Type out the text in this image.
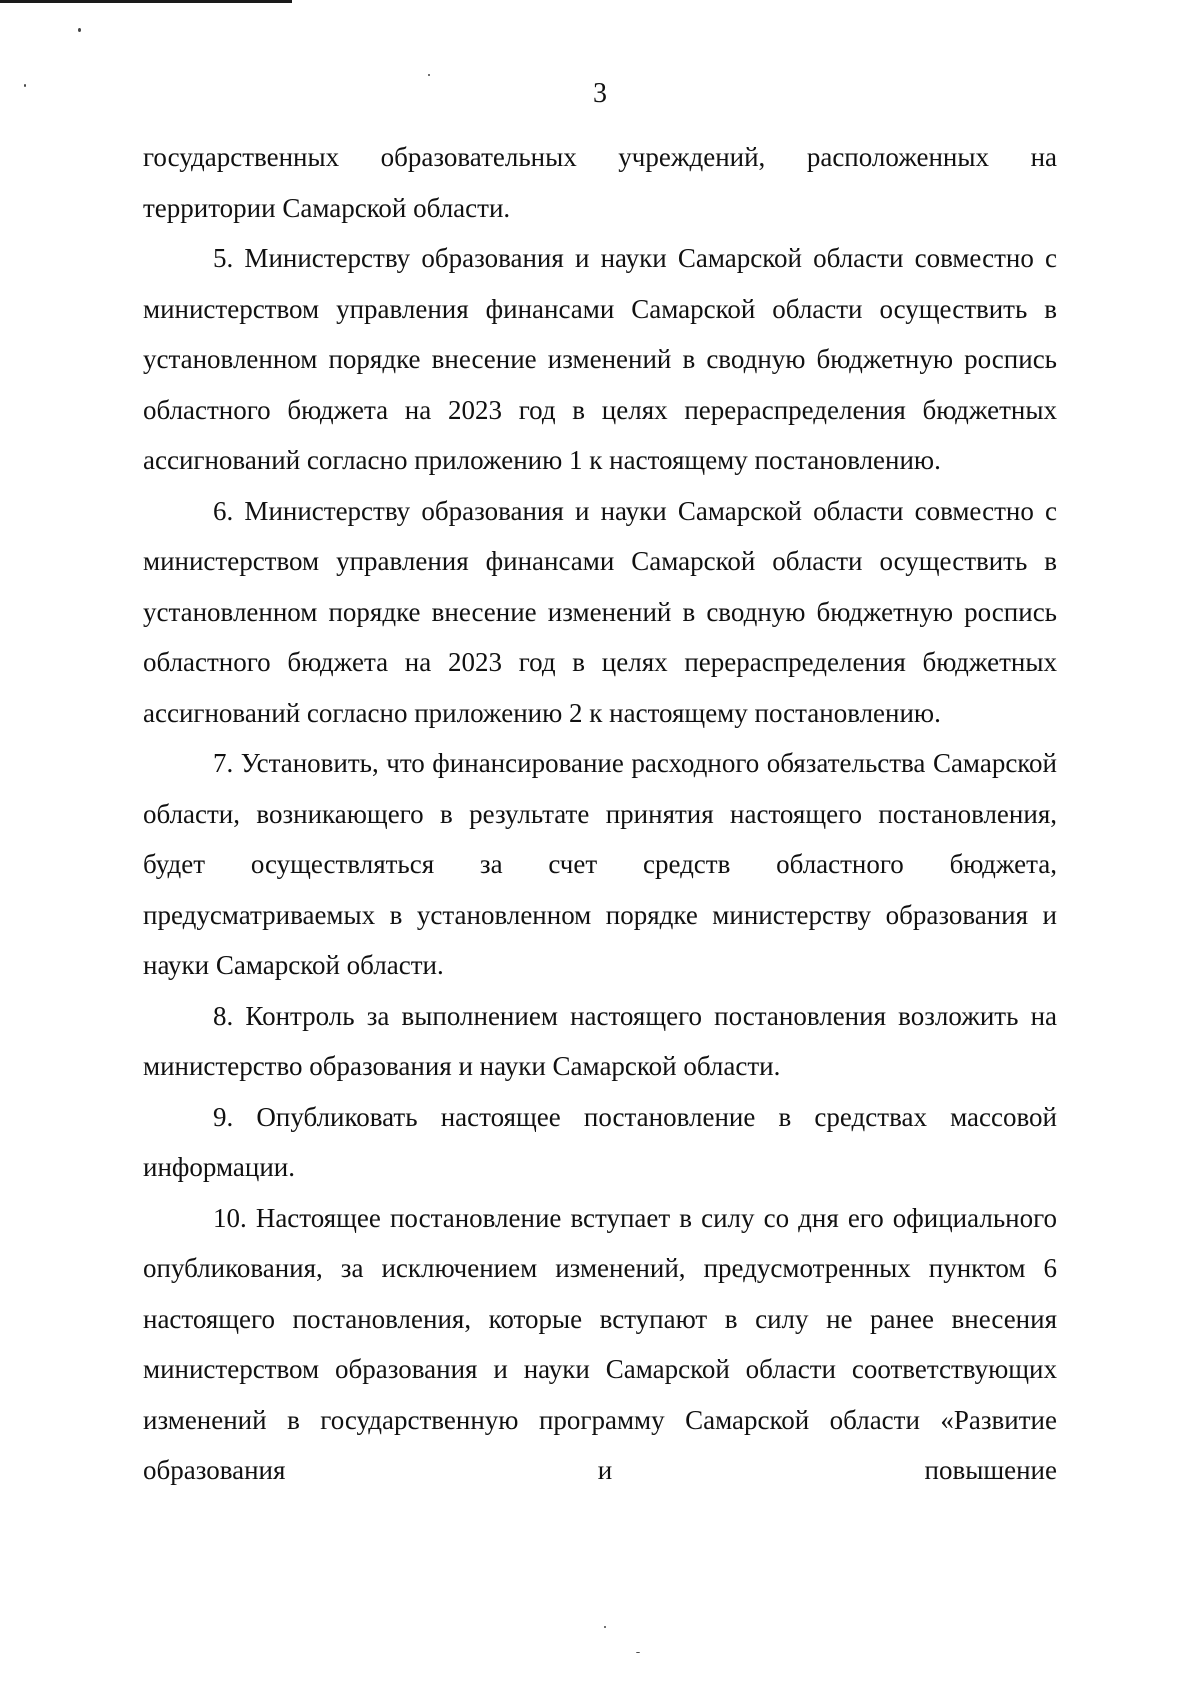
3

государственных образовательных учреждений, расположенных на территории Самарской области.

5. Министерству образования и науки Самарской области совместно с министерством управления финансами Самарской области осуществить в установленном порядке внесение изменений в сводную бюджетную роспись областного бюджета на 2023 год в целях перераспределения бюджетных ассигнований согласно приложению 1 к настоящему постановлению.

6. Министерству образования и науки Самарской области совместно с министерством управления финансами Самарской области осуществить в установленном порядке внесение изменений в сводную бюджетную роспись областного бюджета на 2023 год в целях перераспределения бюджетных ассигнований согласно приложению 2 к настоящему постановлению.

7. Установить, что финансирование расходного обязательства Самарской области, возникающего в результате принятия настоящего постановления, будет осуществляться за счет средств областного бюджета, предусматриваемых в установленном порядке министерству образования и науки Самарской области.

8. Контроль за выполнением настоящего постановления возложить на министерство образования и науки Самарской области.

9. Опубликовать настоящее постановление в средствах массовой информации.

10. Настоящее постановление вступает в силу со дня его официального опубликования, за исключением изменений, предусмотренных пунктом 6 настоящего постановления, которые вступают в силу не ранее внесения министерством образования и науки Самарской области соответствующих изменений в государственную программу Самарской области «Развитие образования и повышение
